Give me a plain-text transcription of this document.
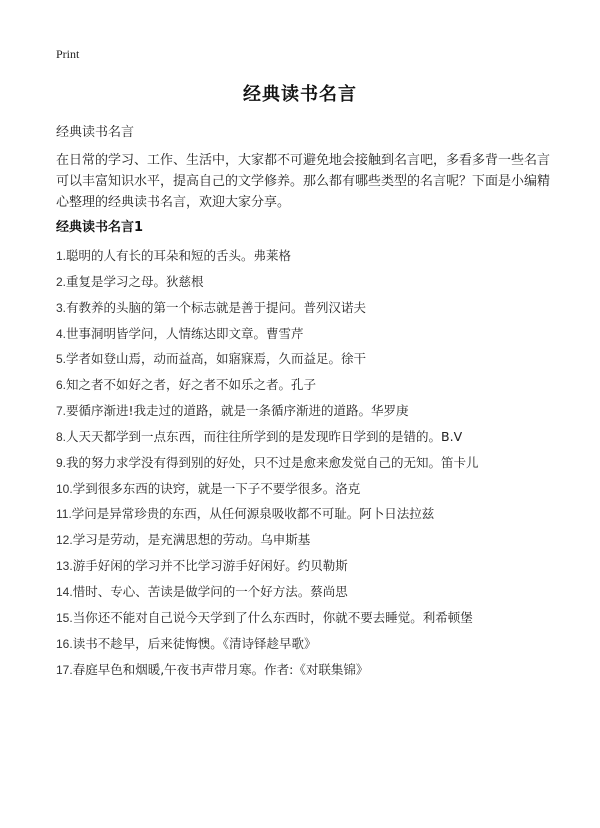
Print
经典读书名言
经典读书名言

在日常的学习、工作、生活中，大家都不可避免地会接触到名言吧，多看多背一些名言可以丰富知识水平，提高自己的文学修养。那么都有哪些类型的名言呢？下面是小编精心整理的经典读书名言，欢迎大家分享。

经典读书名言1
1.聪明的人有长的耳朵和短的舌头。弗莱格
2.重复是学习之母。狄慈根
3.有教养的头脑的第一个标志就是善于提问。普列汉诺夫
4.世事洞明皆学问，人情练达即文章。曹雪芹
5.学者如登山焉，动而益高，如寤寐焉，久而益足。徐干
6.知之者不如好之者，好之者不如乐之者。孔子
7.要循序渐进!我走过的道路，就是一条循序渐进的道路。华罗庚
8.人天天都学到一点东西，而往往所学到的是发现昨日学到的是错的。B.V
9.我的努力求学没有得到别的好处，只不过是愈来愈发觉自己的无知。笛卡儿
10.学到很多东西的诀窍，就是一下子不要学很多。洛克
11.学问是异常珍贵的东西，从任何源泉吸收都不可耻。阿卜日法拉兹
12.学习是劳动，是充满思想的劳动。乌申斯基
13.游手好闲的学习并不比学习游手好闲好。约贝勒斯
14.惜时、专心、苦读是做学问的一个好方法。蔡尚思
15.当你还不能对自己说今天学到了什么东西时，你就不要去睡觉。利希顿堡
16.读书不趁早，后来徒悔懊。《清诗铎趁早歌》
17.春庭早色和烟暖,午夜书声带月寒。作者:《对联集锦》
